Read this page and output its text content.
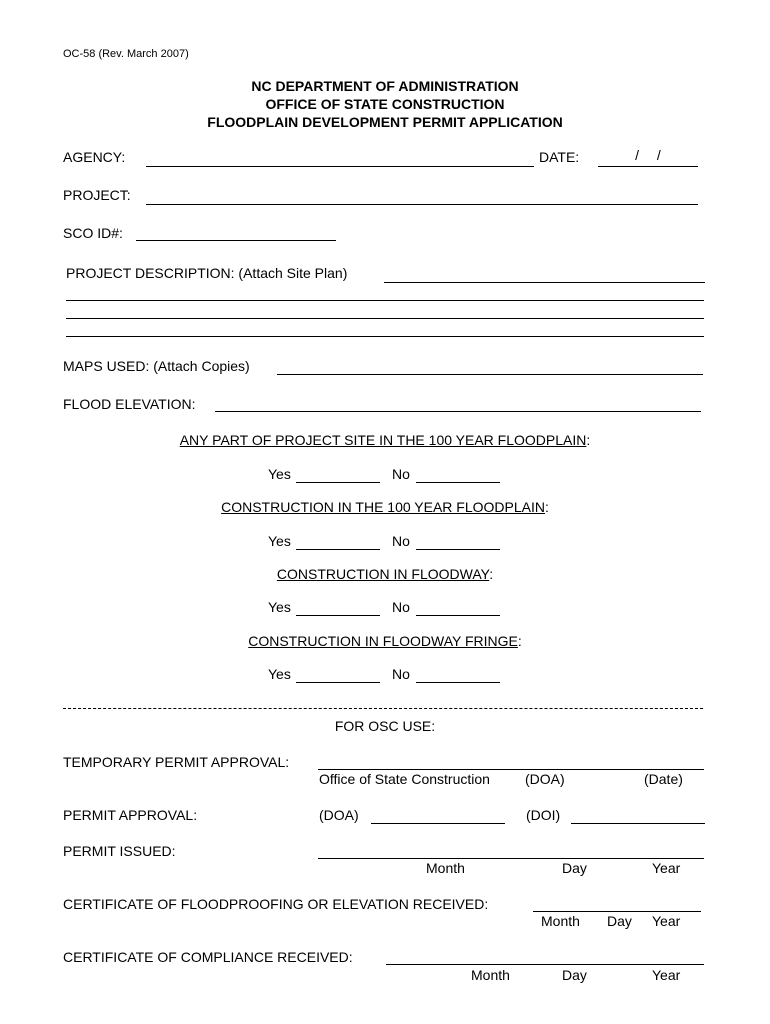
OC-58 (Rev. March 2007)
NC DEPARTMENT OF ADMINISTRATION
OFFICE OF STATE CONSTRUCTION
FLOODPLAIN DEVELOPMENT PERMIT APPLICATION
AGENCY:	DATE:	/ /
PROJECT:
SCO ID#:
PROJECT DESCRIPTION: (Attach Site Plan)
MAPS USED: (Attach Copies)
FLOOD ELEVATION:
ANY PART OF PROJECT SITE IN THE 100 YEAR FLOODPLAIN:
Yes	No
CONSTRUCTION IN THE 100 YEAR FLOODPLAIN:
Yes	No
CONSTRUCTION IN FLOODWAY:
Yes	No
CONSTRUCTION IN FLOODWAY FRINGE:
Yes	No
FOR OSC USE:
TEMPORARY PERMIT APPROVAL:
Office of State Construction	(DOA)	(Date)
PERMIT APPROVAL:	(DOA)	(DOI)
PERMIT ISSUED:
Month	Day	Year
CERTIFICATE OF FLOODPROOFING OR ELEVATION RECEIVED:
Month Day Year
CERTIFICATE OF COMPLIANCE RECEIVED:
Month	Day	Year
